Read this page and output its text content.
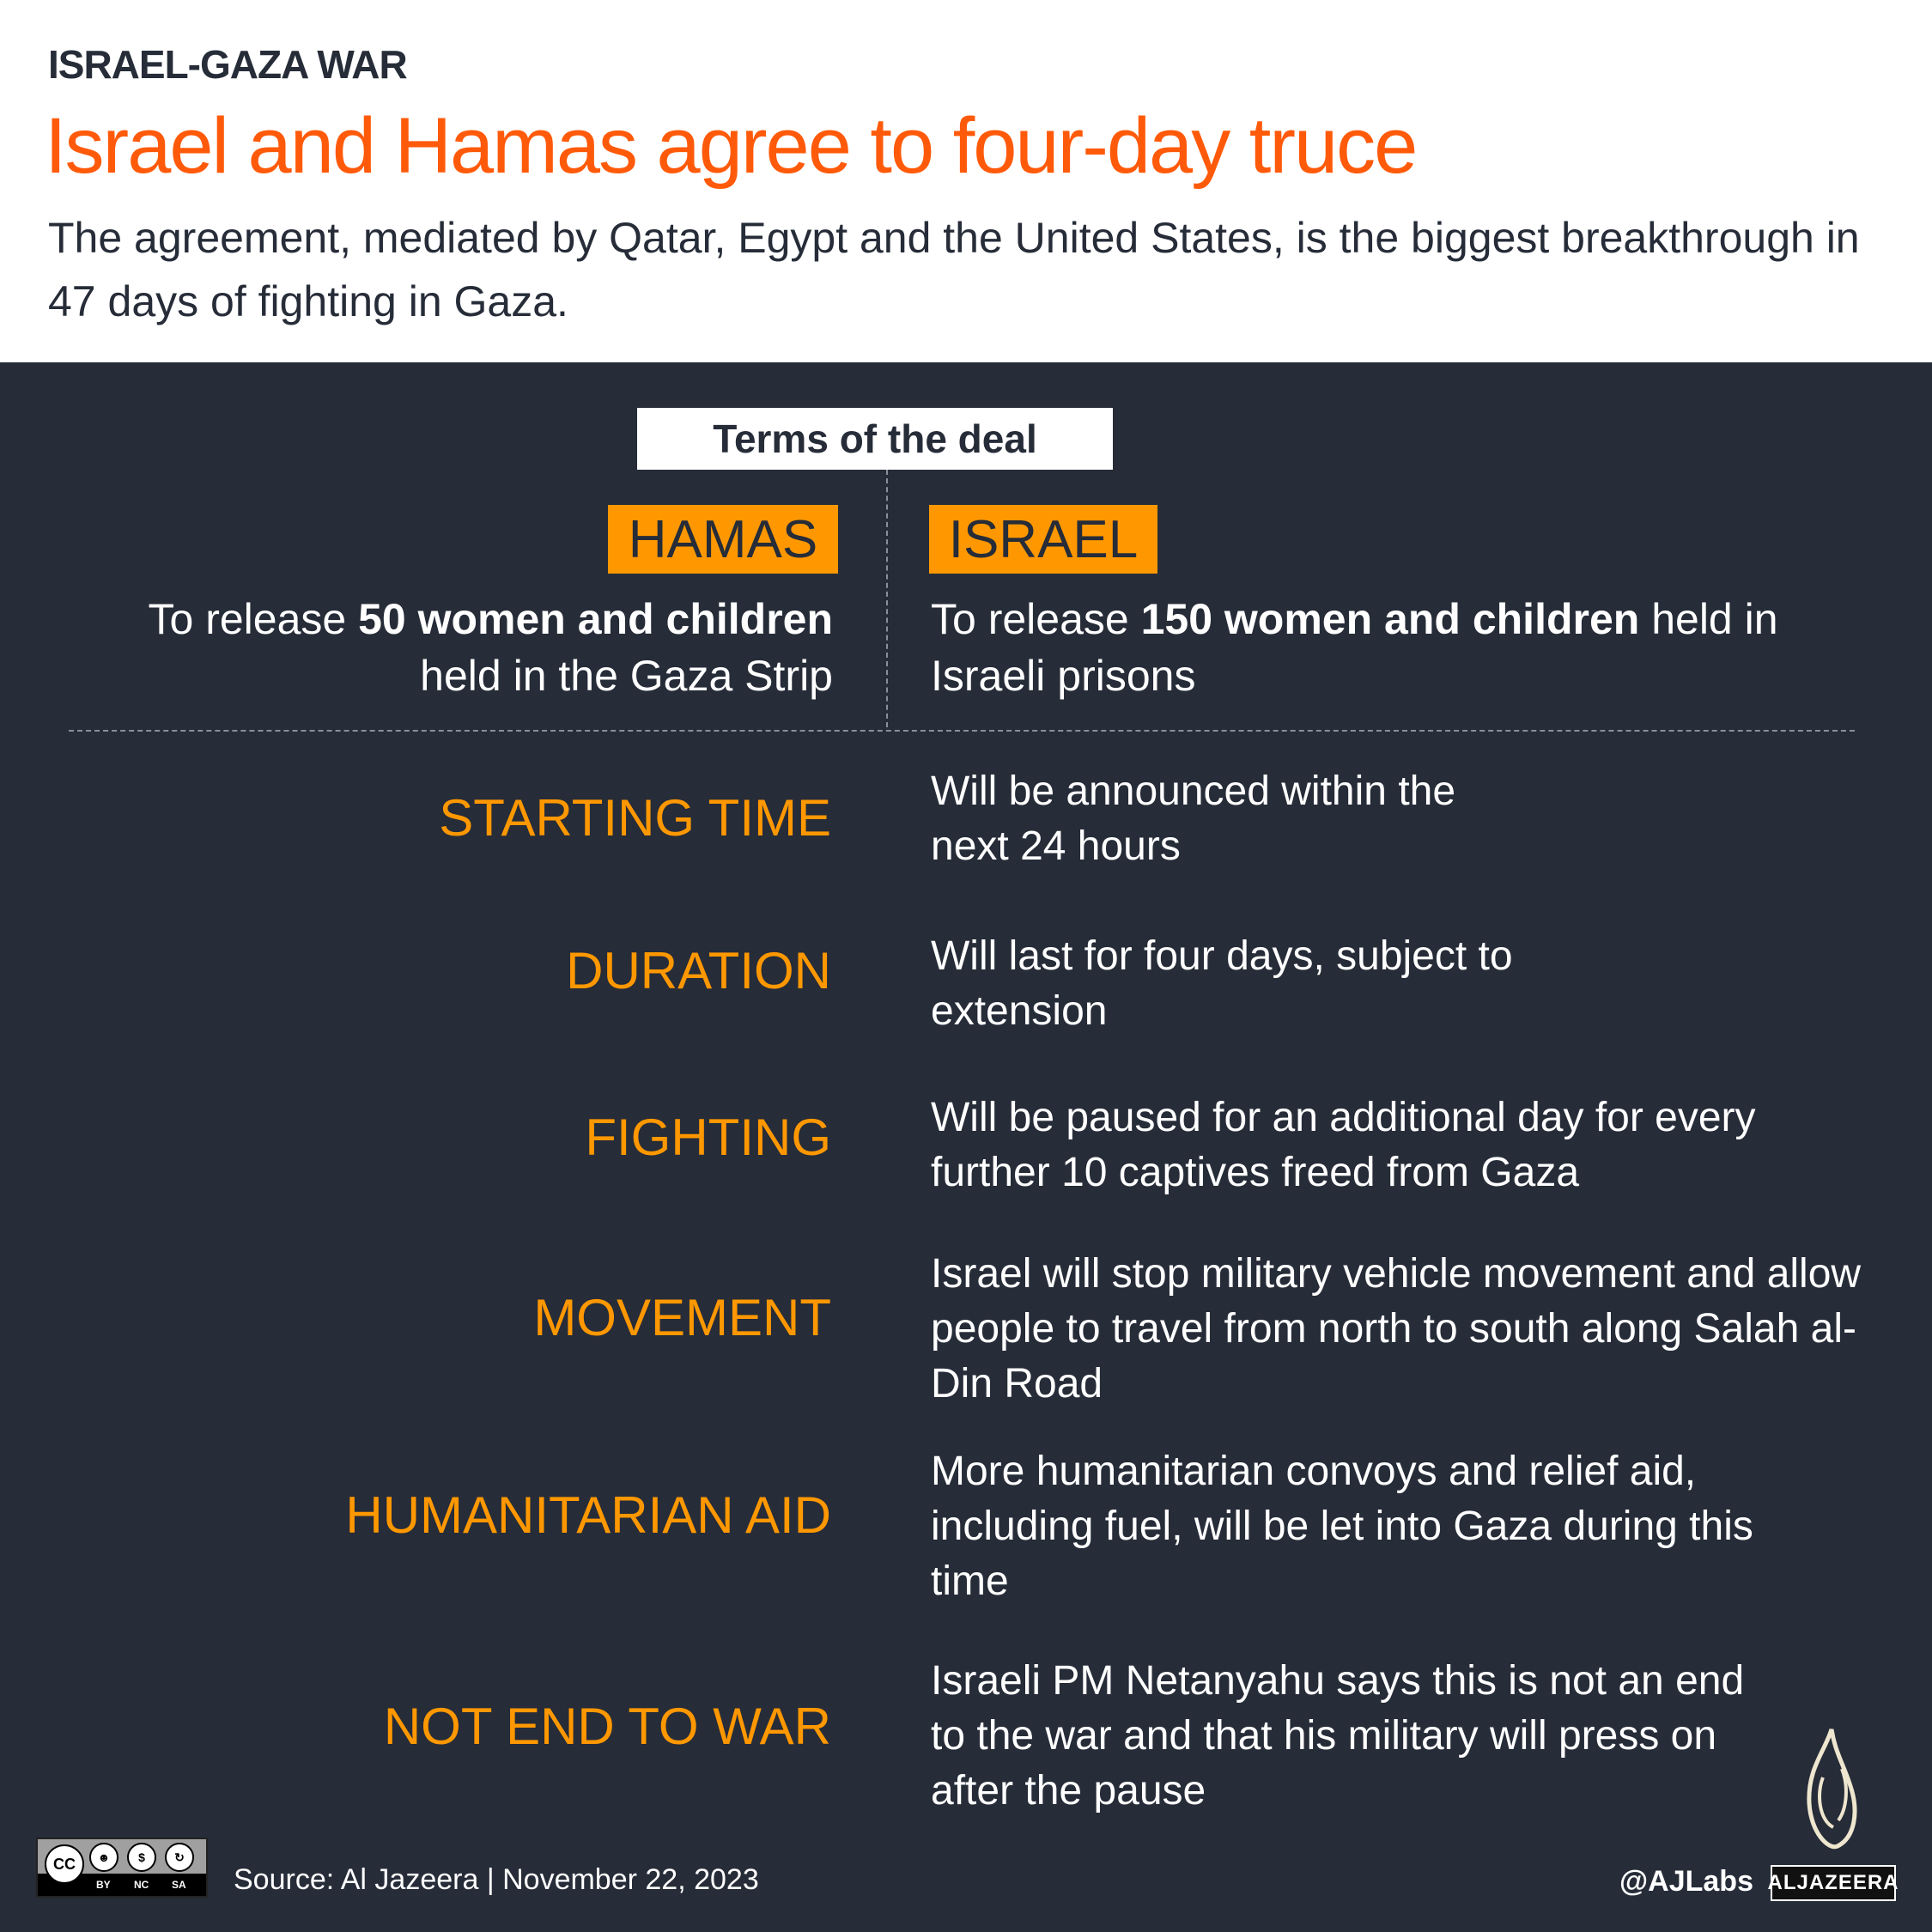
ISRAEL-GAZA WAR
Israel and Hamas agree to four-day truce
The agreement, mediated by Qatar, Egypt and the United States, is the biggest breakthrough in 47 days of fighting in Gaza.
Terms of the deal
HAMAS	ISRAEL
To release 50 women and children held in the Gaza Strip
To release 150 women and children held in Israeli prisons
STARTING TIME Will be announced within the next 24 hours
DURATION Will last for four days, subject to extension
FIGHTING Will be paused for an additional day for every further 10 captives freed from Gaza
MOVEMENT
Israel will stop military vehicle movement and allow people to travel from north to south along Salah al-Din Road
HUMANITARIAN AID
More humanitarian convoys and relief aid, including fuel, will be let into Gaza during this time
NOT END TO WAR
Israeli PM Netanyahu says this is not an end to the war and that his military will press on after the pause
CC	☻	$	↻
BY NC SA Source: Al Jazeera | November 22, 2023	@AJLabs ALJAZEERA
